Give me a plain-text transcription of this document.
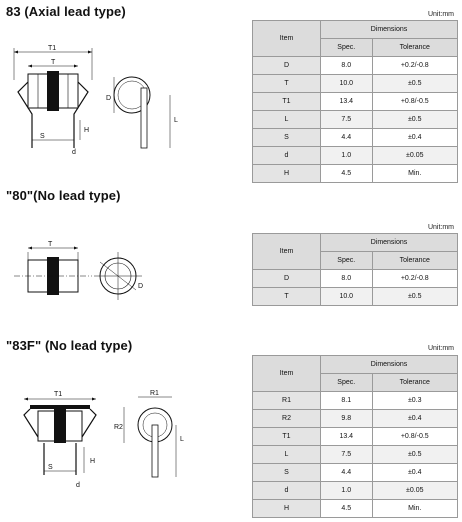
83 (Axial lead type)	Unit:mm
Item	Dimensions	
	Spec.	Tolerance
D	8.0	+0.2/-0.8
T	10.0	±0.5
T1	13.4	+0.8/-0.5
L	7.5	±0.5
S	4.4	±0.4
d	1.0	±0.05
H	4.5	Min.
T1
T
S
H
d
D
L
"80"(No lead type)
Unit:mm
Item	Dimensions	
	Spec.	Tolerance
D	8.0	+0.2/-0.8
T	10.0	±0.5
T
D
"83F" (No lead type)	Unit:mm
Item	Dimensions	
	Spec.	Tolerance
R1	8.1	±0.3
R2	9.8	±0.4
T1	13.4	+0.8/-0.5
L	7.5	±0.5
S	4.4	±0.4
d	1.0	±0.05
H	4.5	Min.
T1
S
H
d
R1
R2
L
